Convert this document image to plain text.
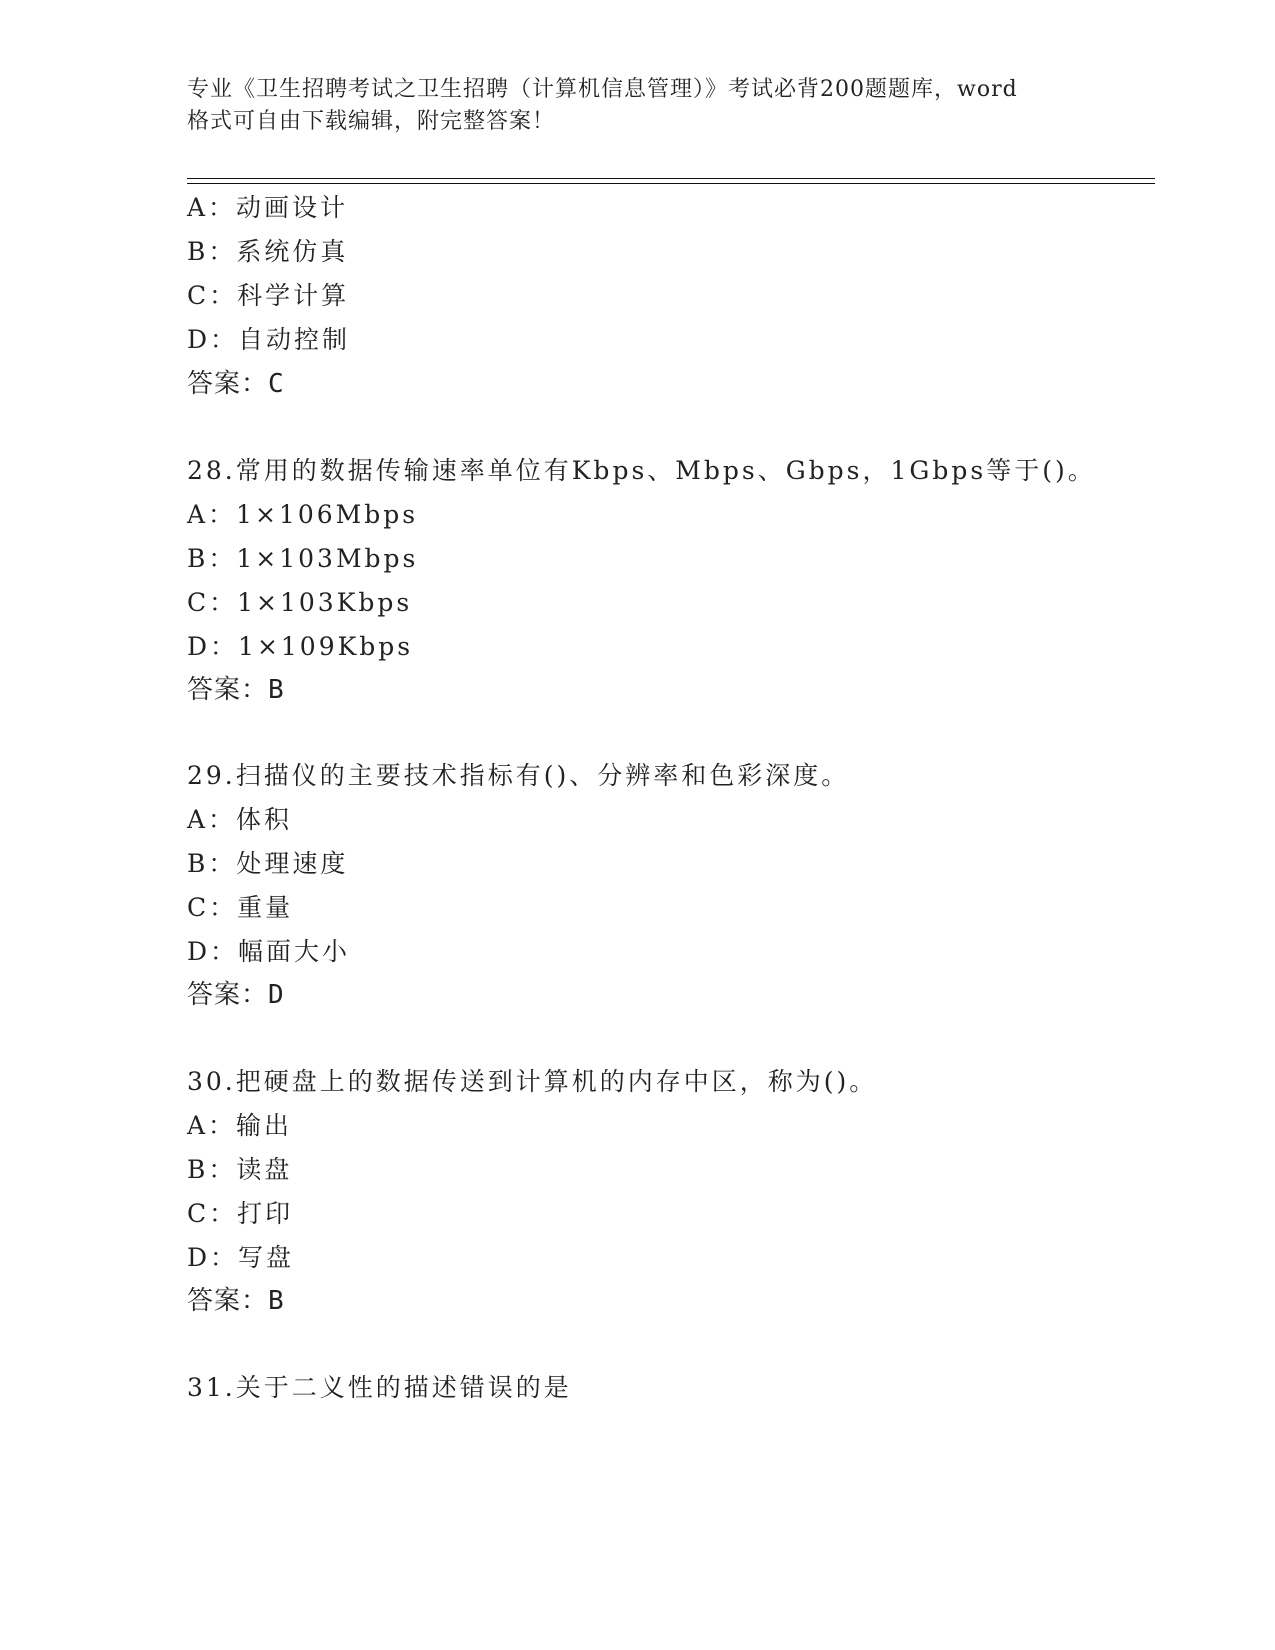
专业《卫生招聘考试之卫生招聘（计算机信息管理）》考试必背200题题库，word
格式可自由下载编辑，附完整答案！
A：动画设计
B：系统仿真
C：科学计算
D：自动控制
答案：C
28.常用的数据传输速率单位有Kbps、Mbps、Gbps，1Gbps等于()。
A：1×106Mbps
B：1×103Mbps
C：1×103Kbps
D：1×109Kbps
答案：B
29.扫描仪的主要技术指标有()、分辨率和色彩深度。
A：体积
B：处理速度
C：重量
D：幅面大小
答案：D
30.把硬盘上的数据传送到计算机的内存中区，称为()。
A：输出
B：读盘
C：打印
D：写盘
答案：B
31.关于二义性的描述错误的是
